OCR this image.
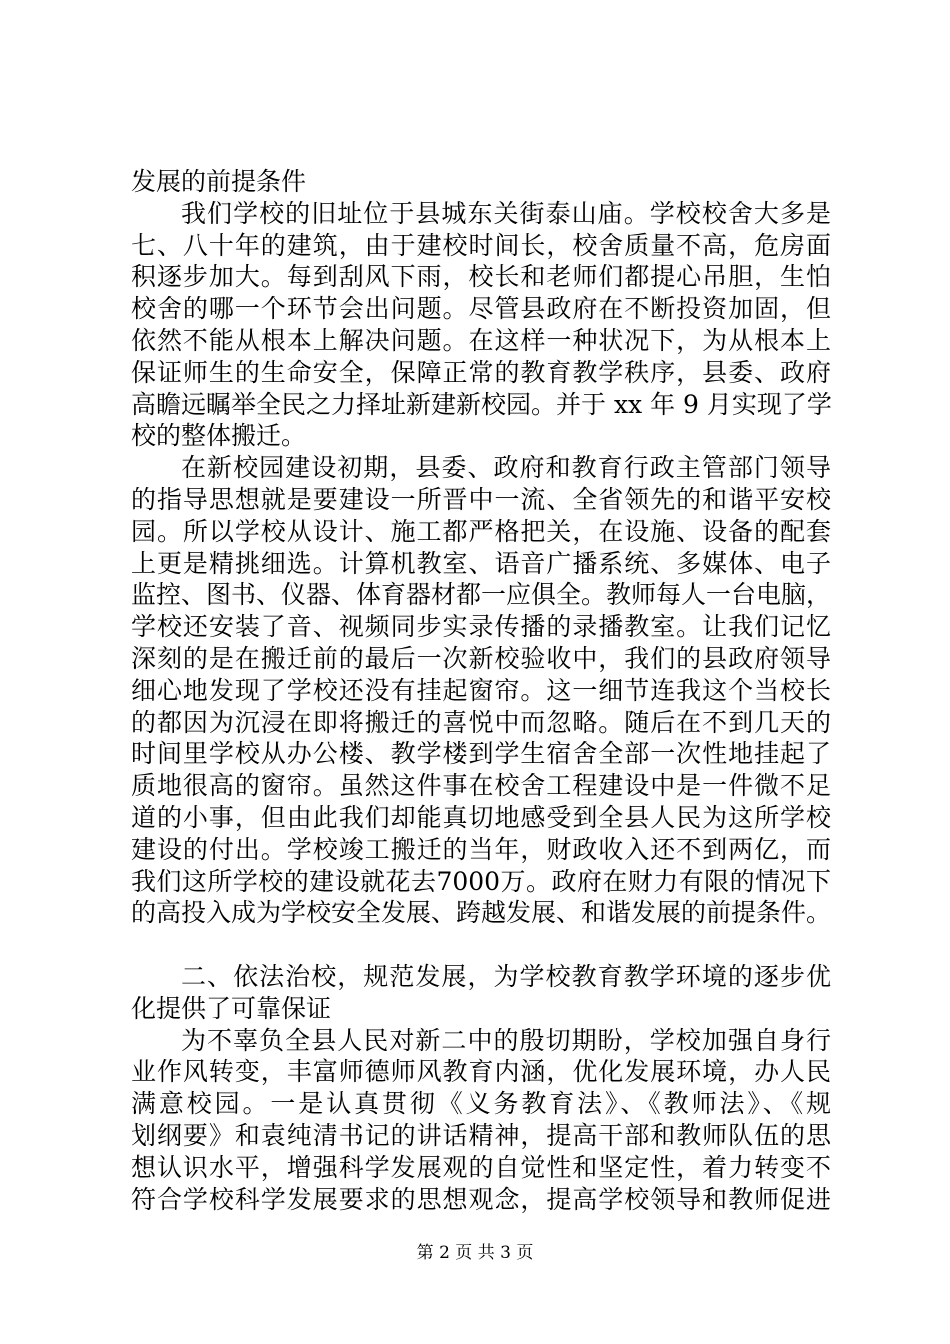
发展的前提条件
我们学校的旧址位于县城东关街泰山庙。学校校舍大多是
七、八十年的建筑，由于建校时间长，校舍质量不高，危房面
积逐步加大。每到刮风下雨，校长和老师们都提心吊胆，生怕
校舍的哪一个环节会出问题。尽管县政府在不断投资加固，但
依然不能从根本上解决问题。在这样一种状况下，为从根本上
保证师生的生命安全，保障正常的教育教学秩序，县委、政府
高瞻远瞩举全民之力择址新建新校园。并于 xx 年 9 月实现了学
校的整体搬迁。
在新校园建设初期，县委、政府和教育行政主管部门领导
的指导思想就是要建设一所晋中一流、全省领先的和谐平安校
园。所以学校从设计、施工都严格把关，在设施、设备的配套
上更是精挑细选。计算机教室、语音广播系统、多媒体、电子
监控、图书、仪器、体育器材都一应俱全。教师每人一台电脑，
学校还安装了音、视频同步实录传播的录播教室。让我们记忆
深刻的是在搬迁前的最后一次新校验收中，我们的县政府领导
细心地发现了学校还没有挂起窗帘。这一细节连我这个当校长
的都因为沉浸在即将搬迁的喜悦中而忽略。随后在不到几天的
时间里学校从办公楼、教学楼到学生宿舍全部一次性地挂起了
质地很高的窗帘。虽然这件事在校舍工程建设中是一件微不足
道的小事，但由此我们却能真切地感受到全县人民为这所学校
建设的付出。学校竣工搬迁的当年，财政收入还不到两亿，而
我们这所学校的建设就花去7000万。政府在财力有限的情况下
的高投入成为学校安全发展、跨越发展、和谐发展的前提条件。
二、依法治校，规范发展，为学校教育教学环境的逐步优
化提供了可靠保证
为不辜负全县人民对新二中的殷切期盼，学校加强自身行
业作风转变，丰富师德师风教育内涵，优化发展环境，办人民
满意校园。一是认真贯彻《义务教育法》、《教师法》、《规
划纲要》和袁纯清书记的讲话精神，提高干部和教师队伍的思
想认识水平，增强科学发展观的自觉性和坚定性，着力转变不
符合学校科学发展要求的思想观念，提高学校领导和教师促进
第 2 页 共 3 页
